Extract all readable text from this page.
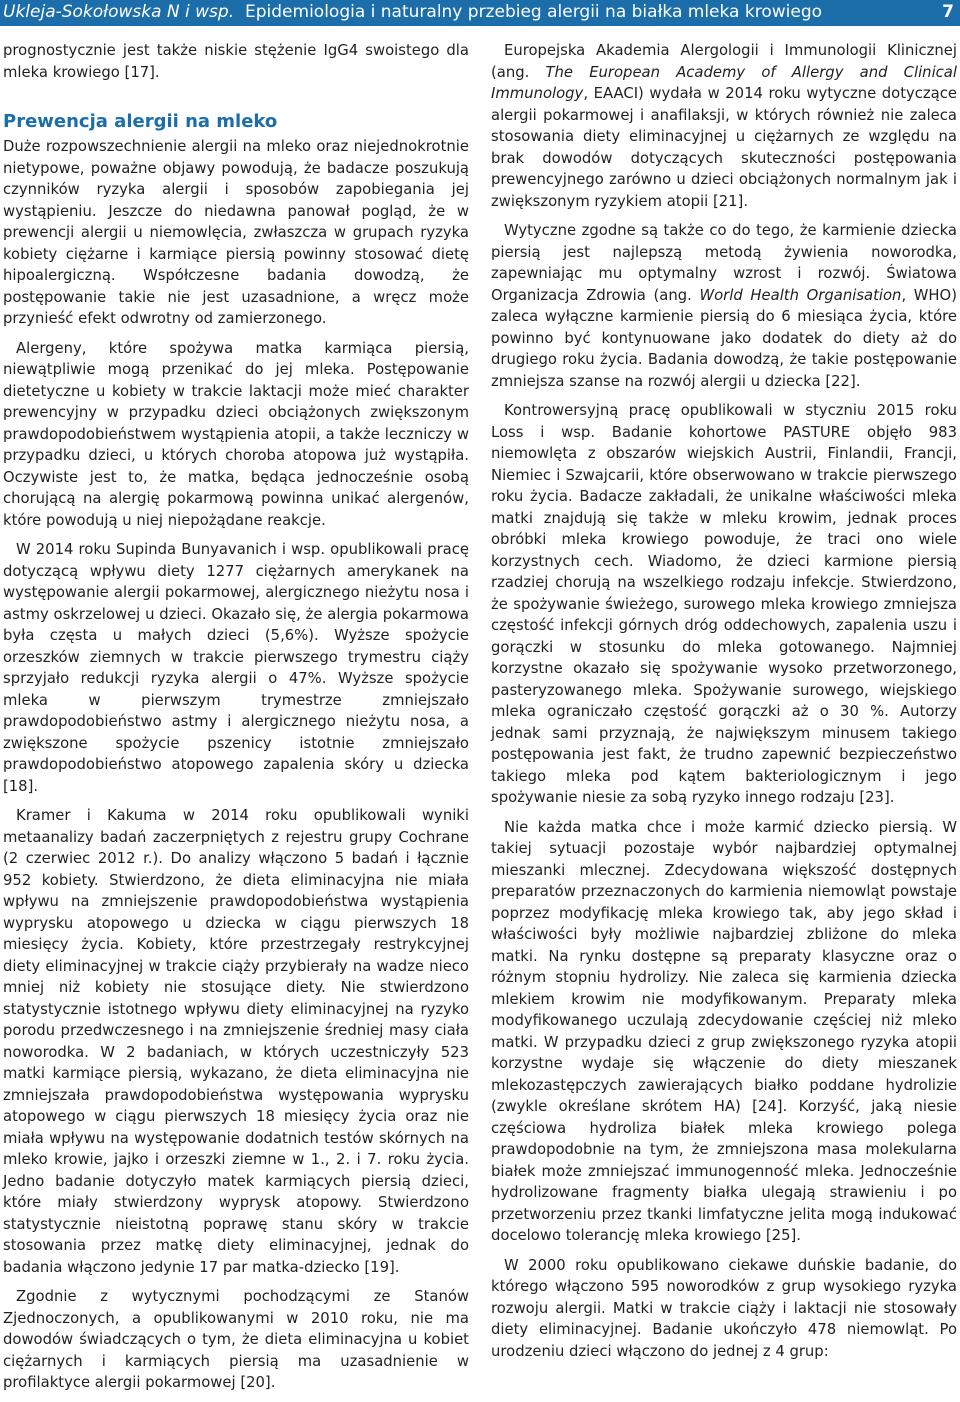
Ukleja-Sokołowska N i wsp. Epidemiologia i naturalny przebieg alergii na białka mleka krowiego	7

prognostycznie jest także niskie stężenie IgG4 swoistego dla mleka krowiego [17].

Prewencja alergii na mleko

Duże rozpowszechnienie alergii na mleko oraz niejednokrotnie nietypowe, poważne objawy powodują, że badacze poszukują czynników ryzyka alergii i sposobów zapobiegania jej wystąpieniu. Jeszcze do niedawna panował pogląd, że w prewencji alergii u niemowlęcia, zwłaszcza w grupach ryzyka kobiety ciężarne i karmiące piersią powinny stosować dietę hipoalergiczną. Współczesne badania dowodzą, że postępowanie takie nie jest uzasadnione, a wręcz może przynieść efekt odwrotny od zamierzonego.

Alergeny, które spożywa matka karmiąca piersią, niewątpliwie mogą przenikać do jej mleka. Postępowanie dietetyczne u kobiety w trakcie laktacji może mieć charakter prewencyjny w przypadku dzieci obciążonych zwiększonym prawdopodobieństwem wystąpienia atopii, a także leczniczy w przypadku dzieci, u których choroba atopowa już wystąpiła. Oczywiste jest to, że matka, będąca jednocześnie osobą chorującą na alergię pokarmową powinna unikać alergenów, które powodują u niej niepożądane reakcje.

W 2014 roku Supinda Bunyavanich i wsp. opublikowali pracę dotyczącą wpływu diety 1277 ciężarnych amerykanek na występowanie alergii pokarmowej, alergicznego nieżytu nosa i astmy oskrzelowej u dzieci. Okazało się, że alergia pokarmowa była częsta u małych dzieci (5,6%). Wyższe spożycie orzeszków ziemnych w trakcie pierwszego trymestru ciąży sprzyjało redukcji ryzyka alergii o 47%. Wyższe spożycie mleka w pierwszym trymestrze zmniejszało prawdopodobieństwo astmy i alergicznego nieżytu nosa, a zwiększone spożycie pszenicy istotnie zmniejszało prawdopodobieństwo atopowego zapalenia skóry u dziecka [18].

Kramer i Kakuma w 2014 roku opublikowali wyniki metaanalizy badań zaczerpniętych z rejestru grupy Cochrane (2 czerwiec 2012 r.). Do analizy włączono 5 badań i łącznie 952 kobiety. Stwierdzono, że dieta eliminacyjna nie miała wpływu na zmniejszenie prawdopodobieństwa wystąpienia wyprysku atopowego u dziecka w ciągu pierwszych 18 miesięcy życia. Kobiety, które przestrzegały restrykcyjnej diety eliminacyjnej w trakcie ciąży przybierały na wadze nieco mniej niż kobiety nie stosujące diety. Nie stwierdzono statystycznie istotnego wpływu diety eliminacyjnej na ryzyko porodu przedwczesnego i na zmniejszenie średniej masy ciała noworodka. W 2 badaniach, w których uczestniczyły 523 matki karmiące piersią, wykazano, że dieta eliminacyjna nie zmniejszała prawdopodobieństwa występowania wyprysku atopowego w ciągu pierwszych 18 miesięcy życia oraz nie miała wpływu na występowanie dodatnich testów skórnych na mleko krowie, jajko i orzeszki ziemne w 1., 2. i 7. roku życia. Jedno badanie dotyczyło matek karmiących piersią dzieci, które miały stwierdzony wyprysk atopowy. Stwierdzono statystycznie nieistotną poprawę stanu skóry w trakcie stosowania przez matkę diety eliminacyjnej, jednak do badania włączono jedynie 17 par matka-dziecko [19].

Zgodnie z wytycznymi pochodzącymi ze Stanów Zjednoczonych, a opublikowanymi w 2010 roku, nie ma dowodów świadczących o tym, że dieta eliminacyjna u kobiet ciężarnych i karmiących piersią ma uzasadnienie w profilaktyce alergii pokarmowej [20].

Europejska Akademia Alergologii i Immunologii Klinicznej (ang. The European Academy of Allergy and Clinical Immunology, EAACI) wydała w 2014 roku wytyczne dotyczące alergii pokarmowej i anafilaksji, w których również nie zaleca stosowania diety eliminacyjnej u ciężarnych ze względu na brak dowodów dotyczących skuteczności postępowania prewencyjnego zarówno u dzieci obciążonych normalnym jak i zwiększonym ryzykiem atopii [21].

Wytyczne zgodne są także co do tego, że karmienie dziecka piersią jest najlepszą metodą żywienia noworodka, zapewniając mu optymalny wzrost i rozwój. Światowa Organizacja Zdrowia (ang. World Health Organisation, WHO) zaleca wyłączne karmienie piersią do 6 miesiąca życia, które powinno być kontynuowane jako dodatek do diety aż do drugiego roku życia. Badania dowodzą, że takie postępowanie zmniejsza szanse na rozwój alergii u dziecka [22].

Kontrowersyjną pracę opublikowali w styczniu 2015 roku Loss i wsp. Badanie kohortowe PASTURE objęło 983 niemowlęta z obszarów wiejskich Austrii, Finlandii, Francji, Niemiec i Szwajcarii, które obserwowano w trakcie pierwszego roku życia. Badacze zakładali, że unikalne właściwości mleka matki znajdują się także w mleku krowim, jednak proces obróbki mleka krowiego powoduje, że traci ono wiele korzystnych cech. Wiadomo, że dzieci karmione piersią rzadziej chorują na wszelkiego rodzaju infekcje. Stwierdzono, że spożywanie świeżego, surowego mleka krowiego zmniejsza częstość infekcji górnych dróg oddechowych, zapalenia uszu i gorączki w stosunku do mleka gotowanego. Najmniej korzystne okazało się spożywanie wysoko przetworzonego, pasteryzowanego mleka. Spożywanie surowego, wiejskiego mleka ograniczało częstość gorączki aż o 30 %. Autorzy jednak sami przyznają, że największym minusem takiego postępowania jest fakt, że trudno zapewnić bezpieczeństwo takiego mleka pod kątem bakteriologicznym i jego spożywanie niesie za sobą ryzyko innego rodzaju [23].

Nie każda matka chce i może karmić dziecko piersią. W takiej sytuacji pozostaje wybór najbardziej optymalnej mieszanki mlecznej. Zdecydowana większość dostępnych preparatów przeznaczonych do karmienia niemowląt powstaje poprzez modyfikację mleka krowiego tak, aby jego skład i właściwości były możliwie najbardziej zbliżone do mleka matki. Na rynku dostępne są preparaty klasyczne oraz o różnym stopniu hydrolizy. Nie zaleca się karmienia dziecka mlekiem krowim nie modyfikowanym. Preparaty mleka modyfikowanego uczulają zdecydowanie częściej niż mleko matki. W przypadku dzieci z grup zwiększonego ryzyka atopii korzystne wydaje się włączenie do diety mieszanek mlekozastępczych zawierających białko poddane hydrolizie (zwykle określane skrótem HA) [24]. Korzyść, jaką niesie częściowa hydroliza białek mleka krowiego polega prawdopodobnie na tym, że zmniejszona masa molekularna białek może zmniejszać immunogenność mleka. Jednocześnie hydrolizowane fragmenty białka ulegają strawieniu i po przetworzeniu przez tkanki limfatyczne jelita mogą indukować docelowo tolerancję mleka krowiego [25].

W 2000 roku opublikowano ciekawe duńskie badanie, do którego włączono 595 noworodków z grup wysokiego ryzyka rozwoju alergii. Matki w trakcie ciąży i laktacji nie stosowały diety eliminacyjnej. Badanie ukończyło 478 niemowląt. Po urodzeniu dzieci włączono do jednej z 4 grup:
